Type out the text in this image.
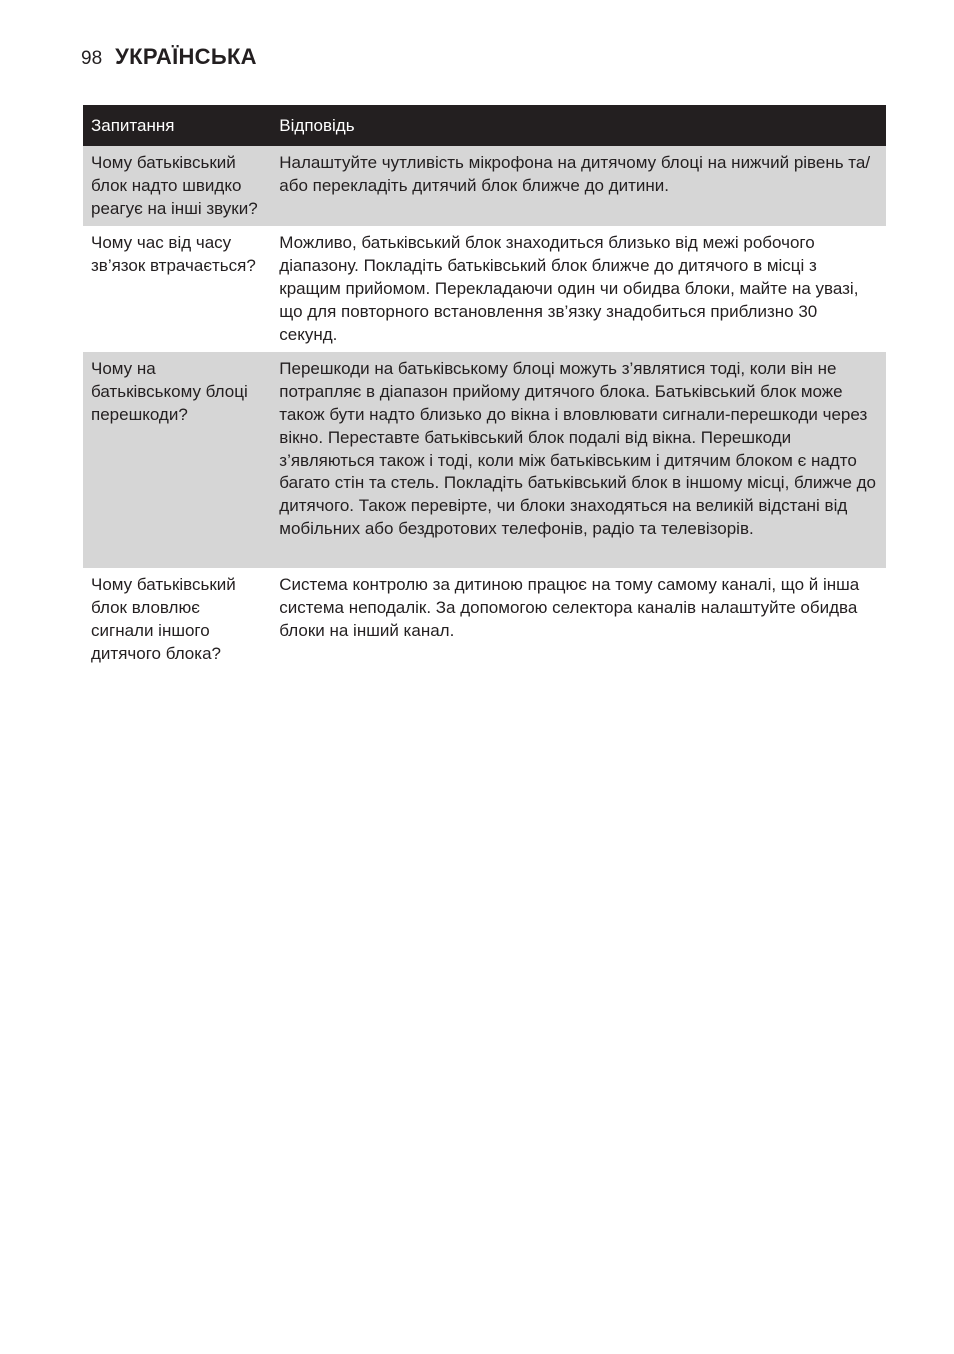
98 УКРАЇНСЬКА
Запитання	Відповідь
Чому батьківський блок надто швидко реагує на інші звуки?	Налаштуйте чутливість мікрофона на дитячому блоці на нижчий рівень та/або перекладіть дитячий блок ближче до дитини.
Чому час від часу зв’язок втрачається?	Можливо, батьківський блок знаходиться близько від межі робочого діапазону. Покладіть батьківський блок ближче до дитячого в місці з кращим прийомом. Перекладаючи один чи обидва блоки, майте на увазі, що для повторного встановлення зв’язку знадобиться приблизно 30 секунд.
Чому на батьківському блоці перешкоди?	Перешкоди на батьківському блоці можуть з’являтися тоді, коли він не потрапляє в діапазон прийому дитячого блока. Батьківський блок може також бути надто близько до вікна і вловлювати сигнали-перешкоди через вікно. Переставте батьківський блок подалі від вікна. Перешкоди з’являються також і тоді, коли між батьківським і дитячим блоком є надто багато стін та стель. Покладіть батьківський блок в іншому місці, ближче до дитячого. Також перевірте, чи блоки знаходяться на великій відстані від мобільних або бездротових телефонів, радіо та телевізорів.
Чому батьківський блок вловлює сигнали іншого дитячого блока?	Система контролю за дитиною працює на тому самому каналі, що й інша система неподалік. За допомогою селектора каналів налаштуйте обидва блоки на інший канал.
